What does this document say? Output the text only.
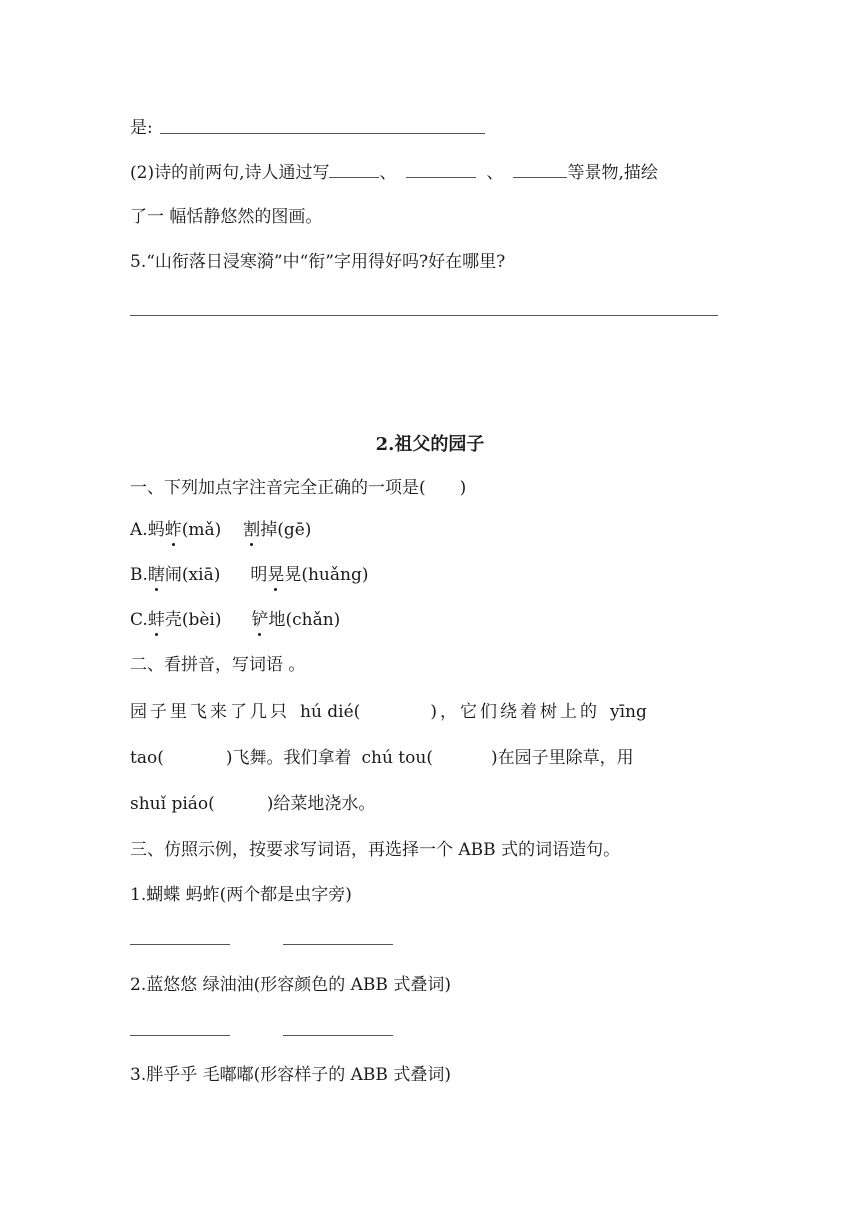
是:
(2)诗的前两句,诗人通过写	、	、	等景物,描绘
了一 幅恬静悠然的图画。
5.“山衔落日浸寒漪”中“衔”字用得好吗?好在哪里?
2.祖父的园子
一、下列加点字注音完全正确的一项是(　　)
A.蚂蚱(mǎ) 割掉(gē)
B.瞎闹(xiā) 明晃晃(huǎng)
C.蚌壳(bèi) 铲地(chǎn)
二、看拼音，写词语 。
园子里飞来了几只 hú dié(	)，它们绕着树上的 yīng
tao(	)飞舞。我们拿着 chú tou(	)在园子里除草，用
shuǐ piáo(	)给菜地浇水。
三、仿照示例，按要求写词语，再选择一个 ABB 式的词语造句。
1.蝴蝶 蚂蚱(两个都是虫字旁)
2.蓝悠悠 绿油油(形容颜色的 ABB 式叠词)
3.胖乎乎 毛嘟嘟(形容样子的 ABB 式叠词)
